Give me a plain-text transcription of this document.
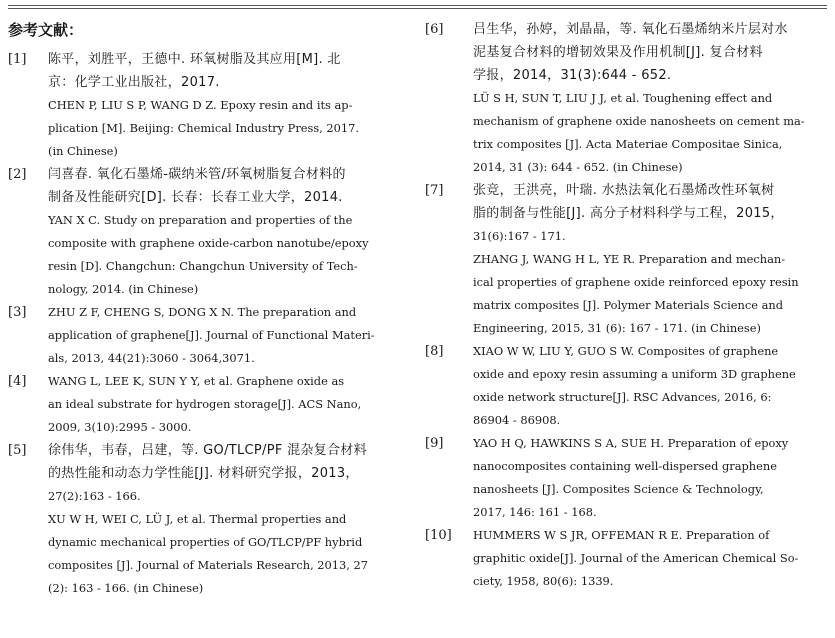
参考文献：
[1] 陈平，刘胜平，王德中. 环氧树脂及其应用[M]. 北
京：化学工业出版社，2017.
CHEN P, LIU S P, WANG D Z. Epoxy resin and its ap-
plication [M]. Beijing: Chemical Industry Press, 2017.
(in Chinese)
[2] 闫喜春. 氧化石墨烯-碳纳米管/环氧树脂复合材料的
制备及性能研究[D]. 长春：长春工业大学，2014.
YAN X C. Study on preparation and properties of the
composite with graphene oxide-carbon nanotube/epoxy
resin [D]. Changchun: Changchun University of Tech-
nology, 2014. (in Chinese)
[3] ZHU Z F, CHENG S, DONG X N. The preparation and
application of graphene[J]. Journal of Functional Materi-
als, 2013, 44(21):3060 - 3064,3071.
[4] WANG L, LEE K, SUN Y Y, et al. Graphene oxide as
an ideal substrate for hydrogen storage[J]. ACS Nano,
2009, 3(10):2995 - 3000.
[5] 徐伟华，韦春，吕建，等. GO/TLCP/PF 混杂复合材料
的热性能和动态力学性能[J]. 材料研究学报，2013，
27(2):163 - 166.
XU W H, WEI C, LÜ J, et al. Thermal properties and
dynamic mechanical properties of GO/TLCP/PF hybrid
composites [J]. Journal of Materials Research, 2013, 27
(2): 163 - 166. (in Chinese)
[6] 吕生华，孙婷，刘晶晶，等. 氧化石墨烯纳米片层对水
泥基复合材料的增韧效果及作用机制[J]. 复合材料
学报，2014，31(3):644 - 652.
LÜ S H, SUN T, LIU J J, et al. Toughening effect and
mechanism of graphene oxide nanosheets on cement ma-
trix composites [J]. Acta Materiae Compositae Sinica,
2014, 31 (3): 644 - 652. (in Chinese)
[7] 张竞，王洪亮，叶瑞. 水热法氧化石墨烯改性环氧树
脂的制备与性能[J]. 高分子材料科学与工程，2015，
31(6):167 - 171.
ZHANG J, WANG H L, YE R. Preparation and mechan-
ical properties of graphene oxide reinforced epoxy resin
matrix composites [J]. Polymer Materials Science and
Engineering, 2015, 31 (6): 167 - 171. (in Chinese)
[8]	XIAO W W, LIU Y, GUO S W. Composites of graphene
oxide and epoxy resin assuming a uniform 3D graphene
oxide network structure[J]. RSC Advances, 2016, 6:
86904 - 86908.
[9]	YAO H Q, HAWKINS S A, SUE H. Preparation of epoxy
nanocomposites containing well-dispersed graphene
nanosheets [J]. Composites Science & Technology,
2017, 146: 161 - 168.
[10] HUMMERS W S JR, OFFEMAN R E. Preparation of
graphitic oxide[J]. Journal of the American Chemical So-
ciety, 1958, 80(6): 1339.
